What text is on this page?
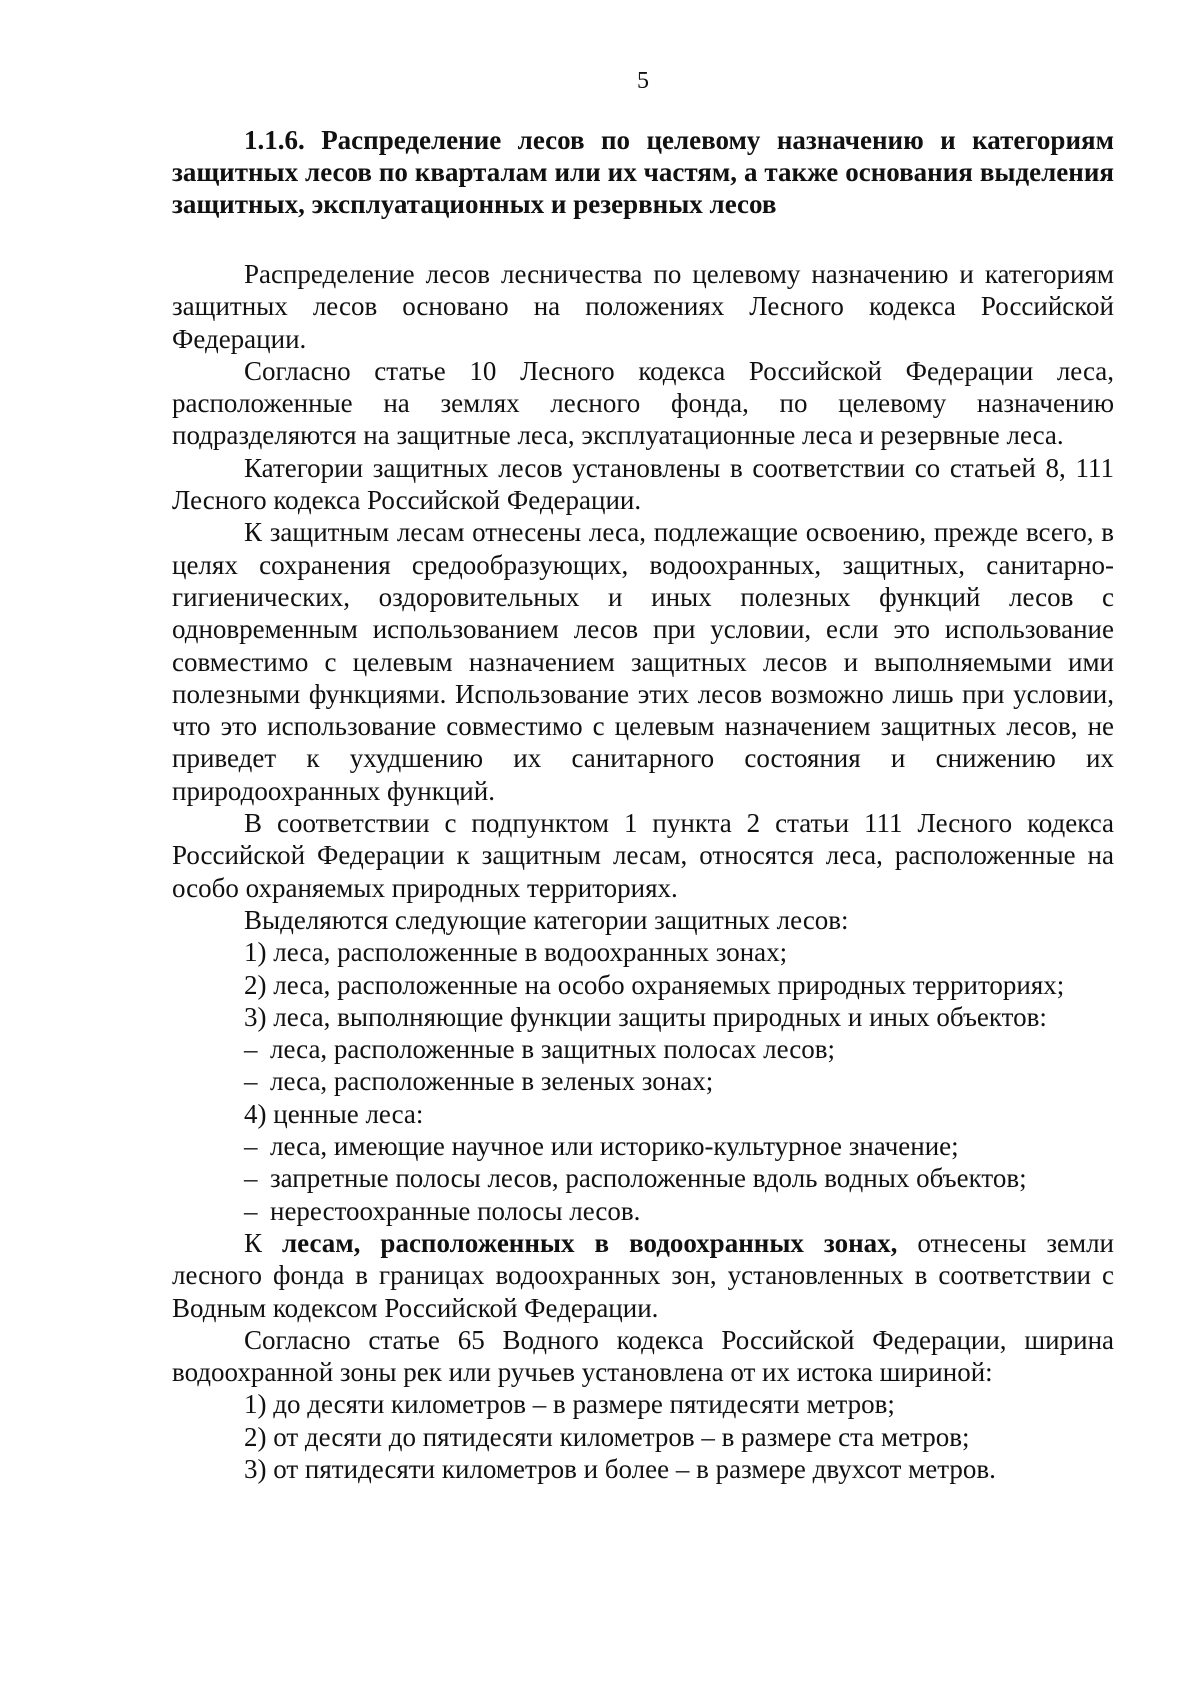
5
1.1.6. Распределение лесов по целевому назначению и категориям защитных лесов по кварталам или их частям, а также основания выделения защитных, эксплуатационных и резервных лесов

Распределение лесов лесничества по целевому назначению и категориям защитных лесов основано на положениях Лесного кодекса Российской Федерации.

Согласно статье 10 Лесного кодекса Российской Федерации леса, расположенные на землях лесного фонда, по целевому назначению подразделяются на защитные леса, эксплуатационные леса и резервные леса.

Категории защитных лесов установлены в соответствии со статьей 8, 111 Лесного кодекса Российской Федерации.

К защитным лесам отнесены леса, подлежащие освоению, прежде всего, в целях сохранения средообразующих, водоохранных, защитных, санитарно-гигиенических, оздоровительных и иных полезных функций лесов с одновременным использованием лесов при условии, если это использование совместимо с целевым назначением защитных лесов и выполняемыми ими полезными функциями. Использование этих лесов возможно лишь при условии, что это использование совместимо с целевым назначением защитных лесов, не приведет к ухудшению их санитарного состояния и снижению их природоохранных функций.

В соответствии с подпунктом 1 пункта 2 статьи 111 Лесного кодекса Российской Федерации к защитным лесам, относятся леса, расположенные на особо охраняемых природных территориях.

Выделяются следующие категории защитных лесов:

1) леса, расположенные в водоохранных зонах;
2) леса, расположенные на особо охраняемых природных территориях;
3) леса, выполняющие функции защиты природных и иных объектов:
– леса, расположенные в защитных полосах лесов;
– леса, расположенные в зеленых зонах;
4) ценные леса:
– леса, имеющие научное или историко-культурное значение;
– запретные полосы лесов, расположенные вдоль водных объектов;
– нерестоохранные полосы лесов.

К лесам, расположенных в водоохранных зонах, отнесены земли лесного фонда в границах водоохранных зон, установленных в соответствии с Водным кодексом Российской Федерации.

Согласно статье 65 Водного кодекса Российской Федерации, ширина водоохранной зоны рек или ручьев установлена от их истока шириной:

1) до десяти километров – в размере пятидесяти метров;
2) от десяти до пятидесяти километров – в размере ста метров;
3) от пятидесяти километров и более – в размере двухсот метров.
